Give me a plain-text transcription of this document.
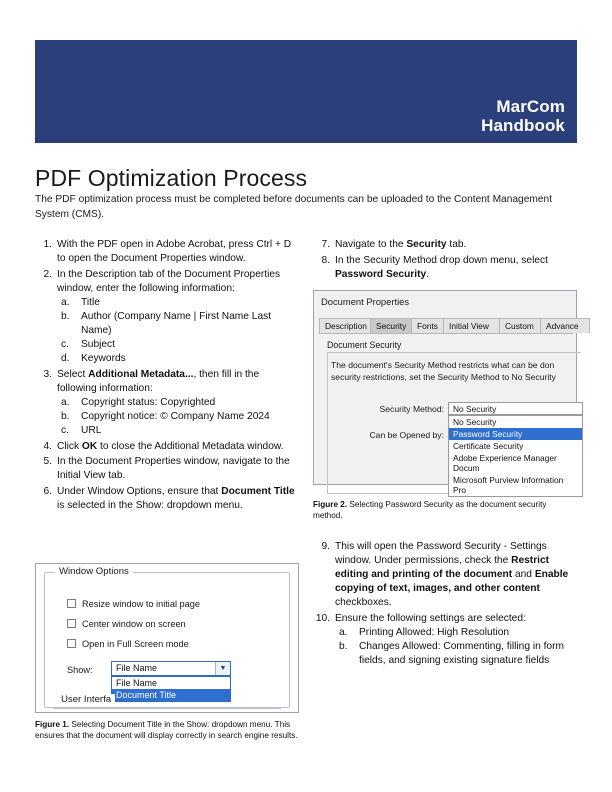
MarCom
Handbook
PDF Optimization Process
The PDF optimization process must be completed before documents can be uploaded to the Content Management System (CMS).
1. With the PDF open in Adobe Acrobat, press Ctrl + D to open the Document Properties window.
2. In the Description tab of the Document Properties window, enter the following information:
a.	Title
b.	Author (Company Name | First Name Last Name)
c.	Subject
d.	Keywords
3. Select Additional Metadata..., then fill in the following information:
a.	Copyright status: Copyrighted
b.	Copyright notice: © Company Name 2024
c.	URL
4. Click OK to close the Additional Metadata window.
5. In the Document Properties window, navigate to the Initial View tab.
6. Under Window Options, ensure that Document Title is selected in the Show: dropdown menu.
7. Navigate to the Security tab.
8. In the Security Method drop down menu, select Password Security.
Document Properties
Description	Security	Fonts	Initial View	Custom	Advance
Document Security
The document's Security Method restricts what can be don security restrictions, set the Security Method to No Security
Security Method:	No Security
Can be Opened by:
No Security
Password Security
Certificate Security
Adobe Experience Manager Docum
Microsoft Purview Information Pro
Figure 2. Selecting Password Security as the document security method.
9. This will open the Password Security - Settings window. Under permissions, check the Restrict editing and printing of the document and Enable copying of text, images, and other content checkboxes.
10. Ensure the following settings are selected:
a.	Printing Allowed: High Resolution
b.	Changes Allowed: Commenting, filling in form fields, and signing existing signature fields
Window Options
Resize window to initial page
Center window on screen
Open in Full Screen mode
Show:	File Name	▼
File Name
Document Title
User Interfa
Figure 1. Selecting Document Title in the Show: dropdown menu. This ensures that the document will display correctly in search engine results.
